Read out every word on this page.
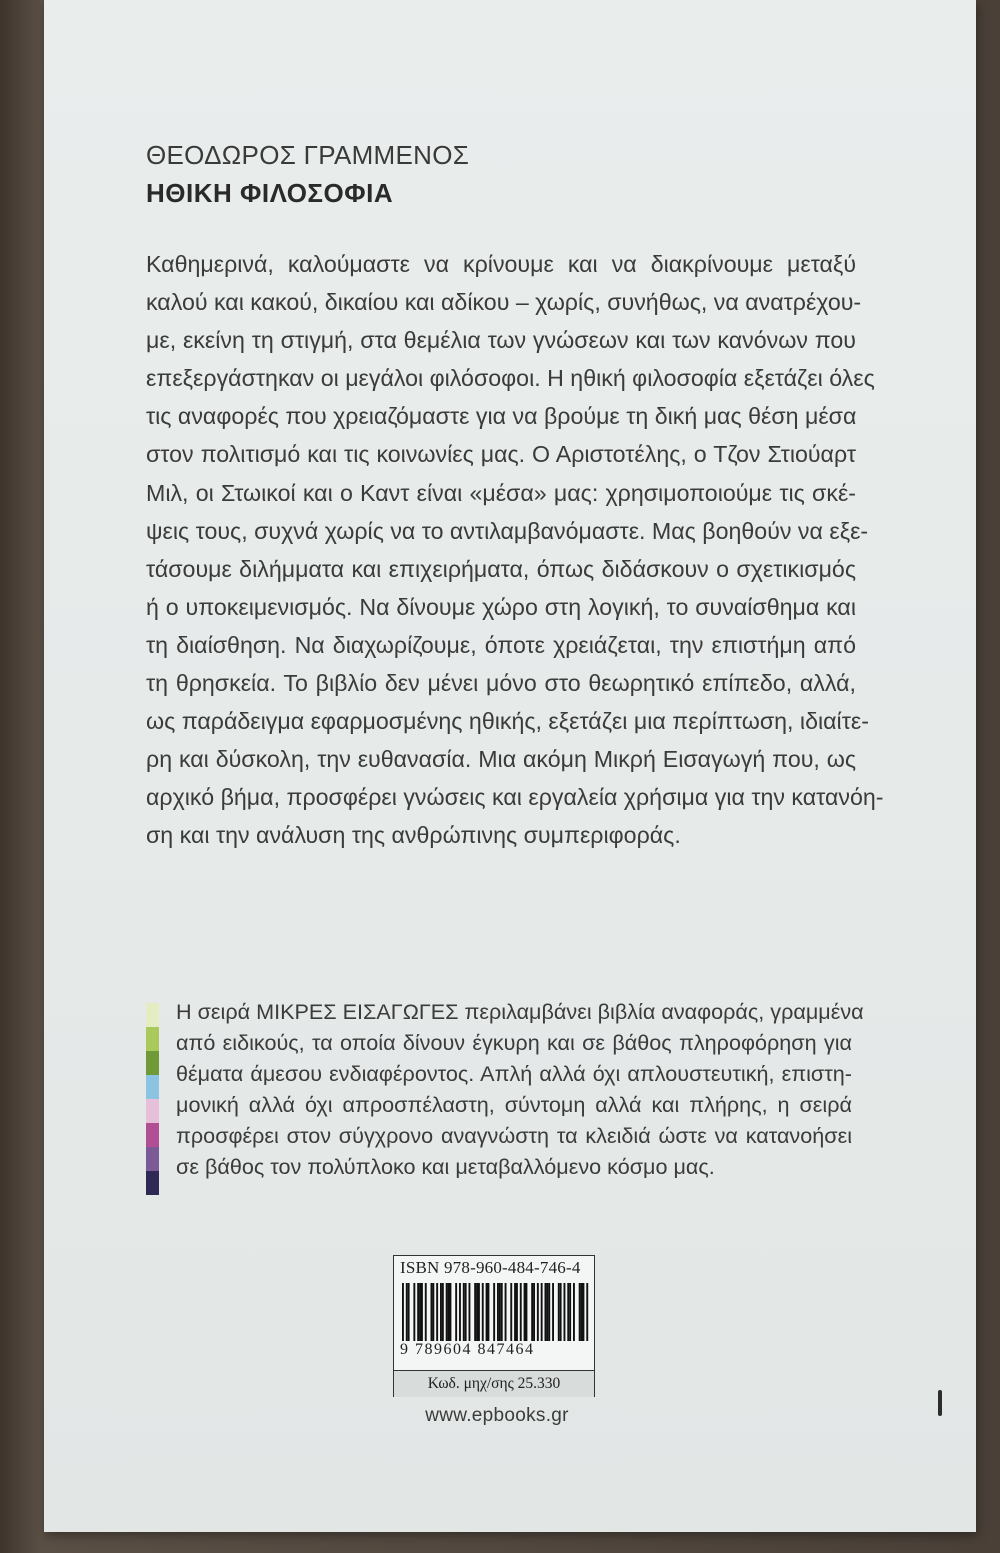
ΘΕΟΔΩΡΟΣ ΓΡΑΜΜΕΝΟΣ
ΗΘΙΚΗ ΦΙΛΟΣΟΦΙΑ
Καθημερινά, καλούμαστε να κρίνουμε και να διακρίνουμε μεταξύ
καλού και κακού, δικαίου και αδίκου – χωρίς, συνήθως, να ανατρέχου-
με, εκείνη τη στιγμή, στα θεμέλια των γνώσεων και των κανόνων που
επεξεργάστηκαν οι μεγάλοι φιλόσοφοι. Η ηθική φιλοσοφία εξετάζει όλες
τις αναφορές που χρειαζόμαστε για να βρούμε τη δική μας θέση μέσα
στον πολιτισμό και τις κοινωνίες μας. Ο Αριστοτέλης, ο Τζον Στιούαρτ
Μιλ, οι Στωικοί και ο Καντ είναι «μέσα» μας: χρησιμοποιούμε τις σκέ-
ψεις τους, συχνά χωρίς να το αντιλαμβανόμαστε. Μας βοηθούν να εξε-
τάσουμε διλήμματα και επιχειρήματα, όπως διδάσκουν ο σχετικισμός
ή ο υποκειμενισμός. Να δίνουμε χώρο στη λογική, το συναίσθημα και
τη διαίσθηση. Να διαχωρίζουμε, όποτε χρειάζεται, την επιστήμη από
τη θρησκεία. Το βιβλίο δεν μένει μόνο στο θεωρητικό επίπεδο, αλλά,
ως παράδειγμα εφαρμοσμένης ηθικής, εξετάζει μια περίπτωση, ιδιαίτε-
ρη και δύσκολη, την ευθανασία. Μια ακόμη Μικρή Εισαγωγή που, ως
αρχικό βήμα, προσφέρει γνώσεις και εργαλεία χρήσιμα για την κατανόη-
ση και την ανάλυση της ανθρώπινης συμπεριφοράς.
Η σειρά ΜΙΚΡΕΣ ΕΙΣΑΓΩΓΕΣ περιλαμβάνει βιβλία αναφοράς, γραμμένα
από ειδικούς, τα οποία δίνουν έγκυρη και σε βάθος πληροφόρηση για
θέματα άμεσου ενδιαφέροντος. Απλή αλλά όχι απλουστευτική, επιστη-
μονική αλλά όχι απροσπέλαστη, σύντομη αλλά και πλήρης, η σειρά
προσφέρει στον σύγχρονο αναγνώστη τα κλειδιά ώστε να κατανοήσει
σε βάθος τον πολύπλοκο και μεταβαλλόμενο κόσμο μας.
ISBN 978-960-484-746-4
9 789604 847464
Κωδ. μηχ/σης 25.330
www.epbooks.gr
